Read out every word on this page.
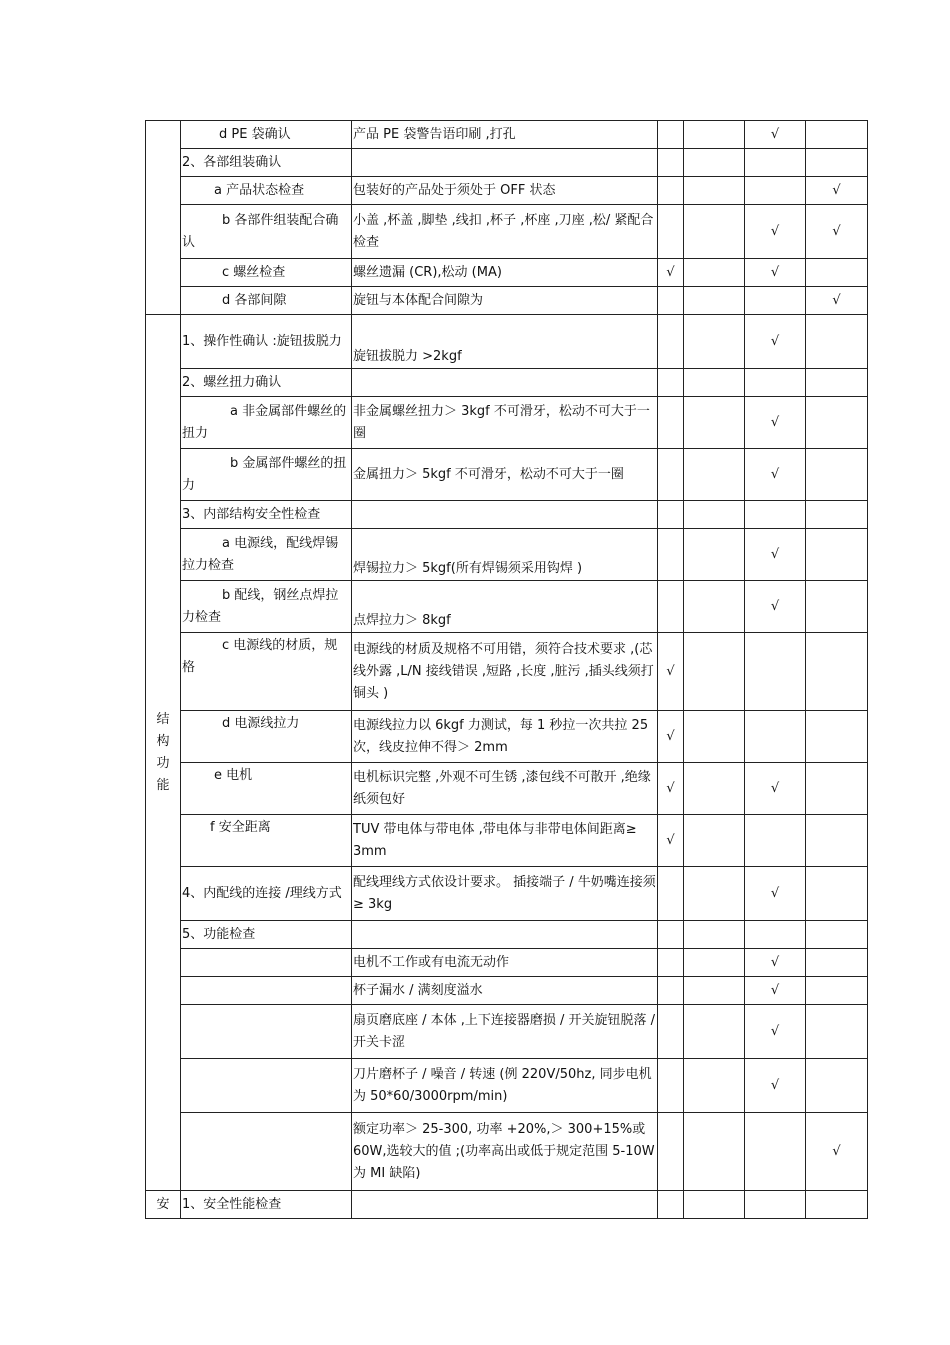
	d PE 袋确认	产品 PE 袋警告语印刷 ,打孔			√	
	2、各部组装确认					
	a 产品状态检查	包装好的产品处于须处于 OFF 状态				√
	b 各部件组装配合确认	小盖 ,杯盖 ,脚垫 ,线扣 ,杯子 ,杯座 ,刀座 ,松/ 紧配合检查			√	√
	c 螺丝检查	螺丝遗漏 (CR),松动 (MA)	√		√	
	d 各部间隙	旋钮与本体配合间隙为				√

结
构
功
能	1、操作性确认 :旋钮拔脱力	旋钮拔脱力 >2kgf			√	
	2、螺丝扭力确认					
	a 非金属部件螺丝的扭力	非金属螺丝扭力＞ 3kgf 不可滑牙，松动不可大于一圈			√	
	b 金属部件螺丝的扭力	金属扭力＞ 5kgf 不可滑牙，松动不可大于一圈			√	
	3、内部结构安全性检查					
	a 电源线，配线焊锡拉力检查	焊锡拉力＞ 5kgf(所有焊锡须采用钩焊 )			√	
	b 配线，钢丝点焊拉力检查	点焊拉力＞ 8kgf			√	
	c 电源线的材质，规格	电源线的材质及规格不可用错，须符合技术要求 ,(芯线外露 ,L/N 接线错误 ,短路 ,长度 ,脏污 ,插头线须打铜头 )	√			
	d 电源线拉力	电源线拉力以 6kgf 力测试，每 1 秒拉一次共拉 25 次，线皮拉伸不得＞ 2mm	√			
	e 电机	电机标识完整 ,外观不可生锈 ,漆包线不可散开 ,绝缘纸须包好	√		√	
	f 安全距离	TUV 带电体与带电体 ,带电体与非带电体间距离≥ 3mm	√			
	4、内配线的连接 /理线方式	配线理线方式依设计要求。 插接端子 / 牛奶嘴连接须≥ 3kg			√	
	5、功能检查					
		电机不工作或有电流无动作			√	
		杯子漏水 / 满刻度溢水			√	
		扇页磨底座 / 本体 ,上下连接器磨损 / 开关旋钮脱落 / 开关卡涩			√	
		刀片磨杯子 / 噪音 / 转速 (例 220V/50hz, 同步电机为 50*60/3000rpm/min)			√	
		额定功率＞ 25-300, 功率 +20%,＞ 300+15%或 60W,选较大的值 ;(功率高出或低于规定范围 5-10W 为 MI 缺陷)				√
安	1、安全性能检查					
